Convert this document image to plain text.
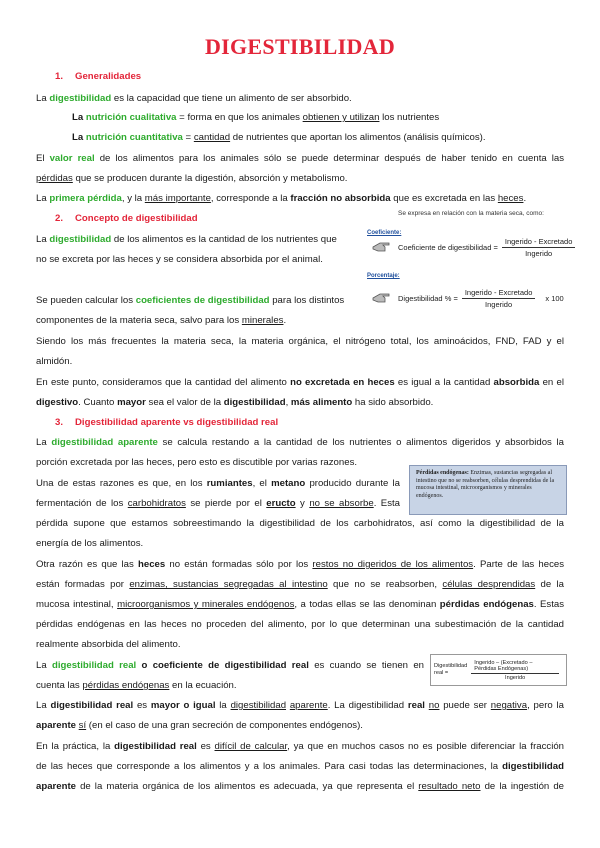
DIGESTIBILIDAD
1. Generalidades
La digestibilidad es la capacidad que tiene un alimento de ser absorbido.
La nutrición cualitativa = forma en que los animales obtienen y utilizan los nutrientes
La nutrición cuantitativa = cantidad de nutrientes que aportan los alimentos (análisis químicos).
El valor real de los alimentos para los animales sólo se puede determinar después de haber tenido en cuenta las
pérdidas que se producen durante la digestión, absorción y metabolismo.
La primera pérdida, y la más importante, corresponde a la fracción no absorbida que es excretada en las heces.
2. Concepto de digestibilidad	Se expresa en relación con la materia seca, como:
Coeficiente:
Coeficiente de digestibilidad = $\frac{\text{Ingerido - Excretado}}{\text{Ingerido}}$
La digestibilidad de los alimentos es la cantidad de los nutrientes que
no se excreta por las heces y se considera absorbida por el animal.
Porcentaje:
Digestibilidad % = $\frac{\text{Ingerido - Excretado}}{\text{Ingerido}}$ x 100
Se pueden calcular los coeficientes de digestibilidad para los distintos
componentes de la materia seca, salvo para los minerales.
Siendo los más frecuentes la materia seca, la materia orgánica, el nitrógeno total, los aminoácidos, FND, FAD y el
almidón.
En este punto, consideramos que la cantidad del alimento no excretada en heces es igual a la cantidad absorbida en el
digestivo. Cuanto mayor sea el valor de la digestibilidad, más alimento ha sido absorbido.
3. Digestibilidad aparente vs digestibilidad real
La digestibilidad aparente se calcula restando a la cantidad de los nutrientes o alimentos digeridos y absorbidos la
porción excretada por las heces, pero esto es discutible por varias razones.
Pérdidas endógenas: Enzimas, sustancias segregadas al intestino que no se reabsorben, células desprendidas de la mucosa intestinal, microorganismos y minerales endógenos.
Una de estas razones es que, en los rumiantes, el metano producido durante la
fermentación de los carbohidratos se pierde por el eructo y no se absorbe. Esta
pérdida supone que estamos sobreestimando la digestibilidad de los carbohidratos, así como la digestibilidad de la
energía de los alimentos.
Otra razón es que las heces no están formadas sólo por los restos no digeridos de los alimentos. Parte de las heces
están formadas por enzimas, sustancias segregadas al intestino que no se reabsorben, células desprendidas de la
mucosa intestinal, microorganismos y minerales endógenos, a todas ellas se las denominan pérdidas endógenas. Estas
pérdidas endógenas en las heces no proceden del alimento, por lo que determinan una subestimación de la cantidad
realmente absorbida del alimento.
La digestibilidad real o coeficiente de digestibilidad real es cuando se tienen en
cuenta las pérdidas endógenas en la ecuación.
Digestibilidad
real =	$\frac{\text{Ingerido – (Excretado – Pérdidas Endógenas)}}{\text{Ingerido}}$
La digestibilidad real es mayor o igual la digestibilidad aparente. La digestibilidad real no puede ser negativa, pero la
aparente sí (en el caso de una gran secreción de componentes endógenos).
En la práctica, la digestibilidad real es difícil de calcular, ya que en muchos casos no es posible diferenciar la fracción
de las heces que corresponde a los alimentos y a los animales. Para casi todas las determinaciones, la digestibilidad
aparente de la materia orgánica de los alimentos es adecuada, ya que representa el resultado neto de la ingestión de
